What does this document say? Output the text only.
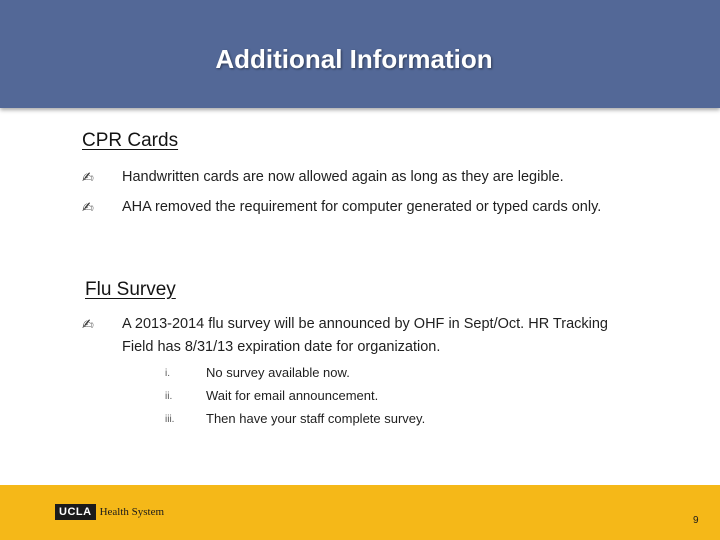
Additional Information
CPR Cards
✍	Handwritten cards are now allowed again as long as they are legible.
✍	AHA removed the requirement for computer generated or typed cards only.
Flu Survey
✍	A 2013-2014 flu survey will be announced by OHF in Sept/Oct. HR Tracking Field has 8/31/13 expiration date for organization.
i.	No survey available now.
ii.	Wait for email announcement.
iii. Then have your staff complete survey.
UCLA Health System
9
